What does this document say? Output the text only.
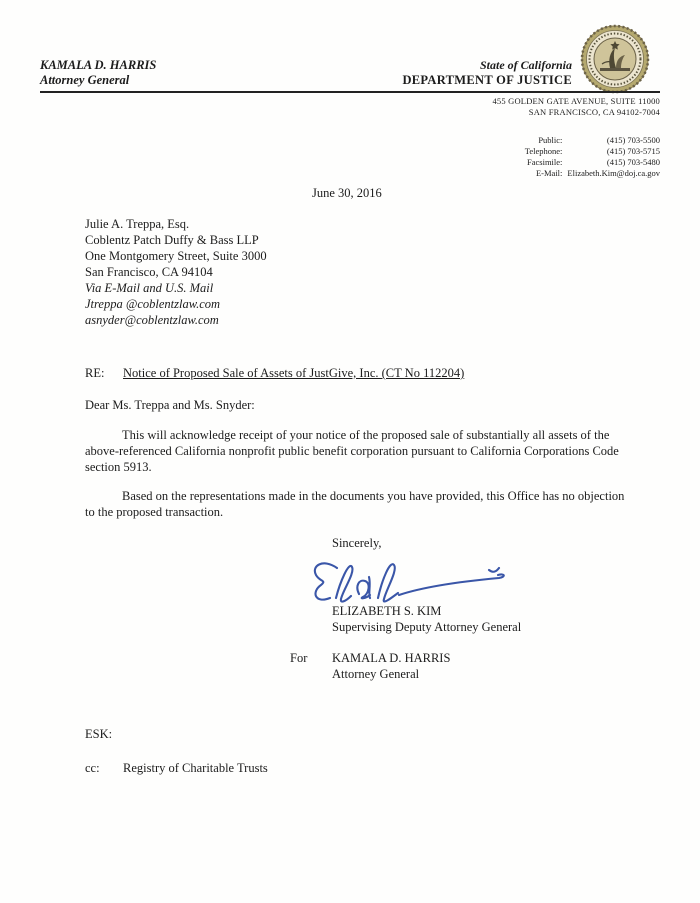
KAMALA D. HARRIS
Attorney General
State of California
DEPARTMENT OF JUSTICE
455 GOLDEN GATE AVENUE, SUITE 11000
SAN FRANCISCO, CA 94102-7004
Public:	(415) 703-5500
Telephone:	(415) 703-5715
Facsimile:	(415) 703-5480
E-Mail: Elizabeth.Kim@doj.ca.gov
June 30, 2016
Julie A. Treppa, Esq.
Coblentz Patch Duffy & Bass LLP
One Montgomery Street, Suite 3000
San Francisco, CA 94104
Via E-Mail and U.S. Mail
Jtreppa @coblentzlaw.com
asnyder@coblentzlaw.com
RE:	Notice of Proposed Sale of Assets of JustGive, Inc. (CT No 112204)
Dear Ms. Treppa and Ms. Snyder:

This will acknowledge receipt of your notice of the proposed sale of substantially all assets of the above-referenced California nonprofit public benefit corporation pursuant to California Corporations Code section 5913.

Based on the representations made in the documents you have provided, this Office has no objection to the proposed transaction.

Sincerely,
ELIZABETH S. KIM
Supervising Deputy Attorney General
For	KAMALA D. HARRIS
Attorney General
ESK:
cc:	Registry of Charitable Trusts
